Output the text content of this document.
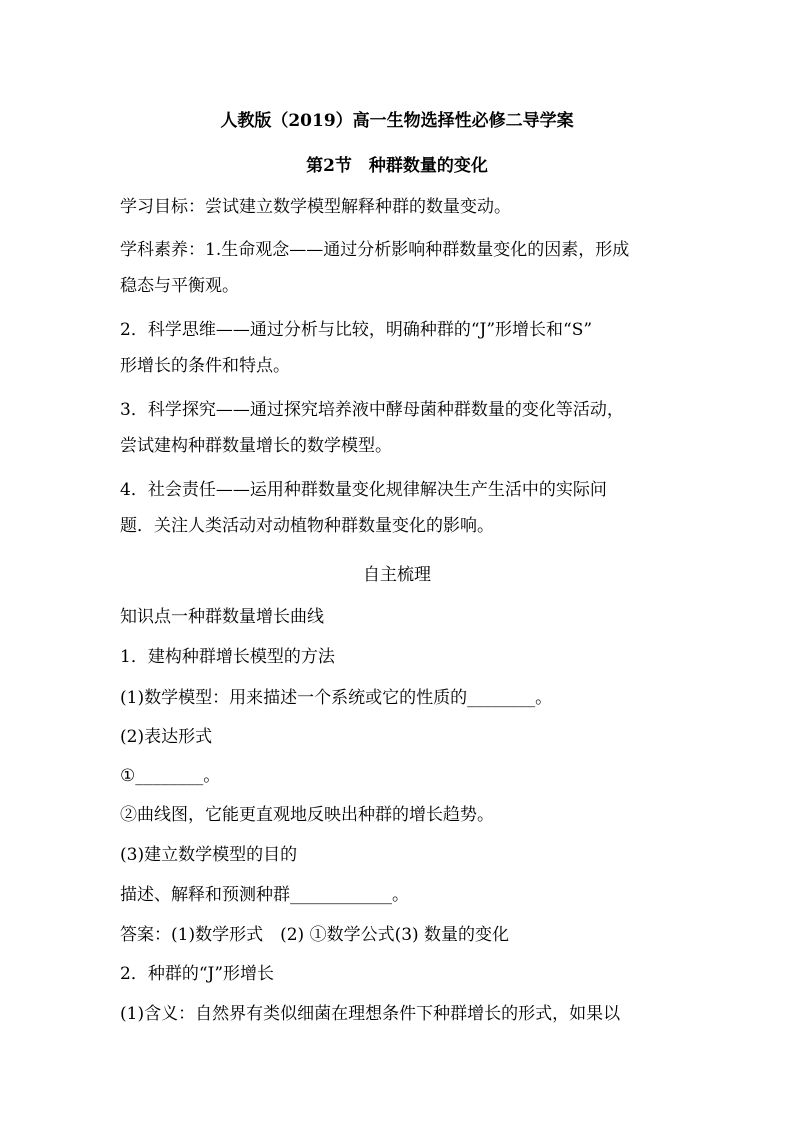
人教版（2019）高一生物选择性必修二导学案
第2节　种群数量的变化
学习目标：尝试建立数学模型解释种群的数量变动。
学科素养：1.生命观念——通过分析影响种群数量变化的因素，形成
稳态与平衡观。
2．科学思维——通过分析与比较，明确种群的“J”形增长和“S”
形增长的条件和特点。
3．科学探究——通过探究培养液中酵母菌种群数量的变化等活动，
尝试建构种群数量增长的数学模型。
4．社会责任——运用种群数量变化规律解决生产生活中的实际问
题．关注人类活动对动植物种群数量变化的影响。
自主梳理
知识点一种群数量增长曲线
1．建构种群增长模型的方法
(1)数学模型：用来描述一个系统或它的性质的________。
(2)表达形式
①________。
②曲线图，它能更直观地反映出种群的增长趋势。
(3)建立数学模型的目的
描述、解释和预测种群____________。
答案：(1)数学形式　(2) ①数学公式(3) 数量的变化
2．种群的“J”形增长
(1)含义：自然界有类似细菌在理想条件下种群增长的形式，如果以
